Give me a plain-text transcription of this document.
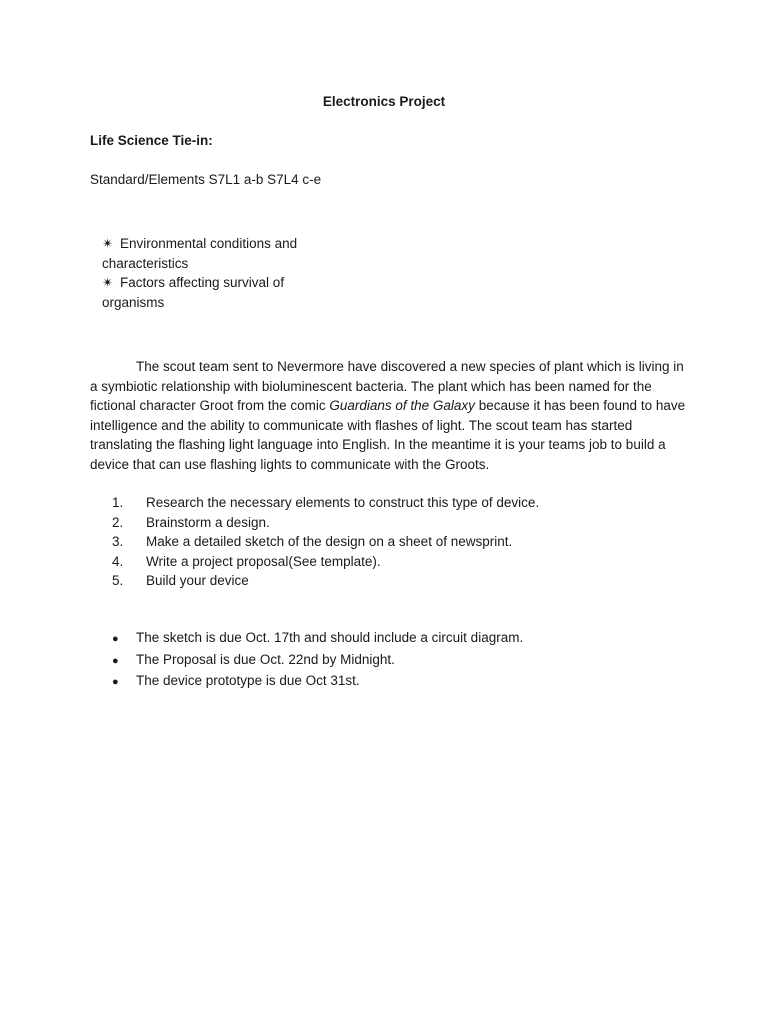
Electronics Project
Life Science Tie-in:
Standard/Elements S7L1 a-b S7L4 c-e
✴ Environmental conditions and
characteristics
✴ Factors affecting survival of
organisms

The scout team sent to Nevermore have discovered a new species of plant which is living in a symbiotic relationship with bioluminescent bacteria. The plant which has been named for the fictional character Groot from the comic Guardians of the Galaxy because it has been found to have intelligence and the ability to communicate with flashes of light. The scout team has started translating the flashing light language into English. In the meantime it is your teams job to build a device that can use flashing lights to communicate with the Groots.

1. Research the necessary elements to construct this type of device.
2. Brainstorm a design.
3. Make a detailed sketch of the design on a sheet of newsprint.
4. Write a project proposal(See template).
5. Build your device
● The sketch is due Oct. 17th and should include a circuit diagram.
● The Proposal is due Oct. 22nd by Midnight.
● The device prototype is due Oct 31st.
